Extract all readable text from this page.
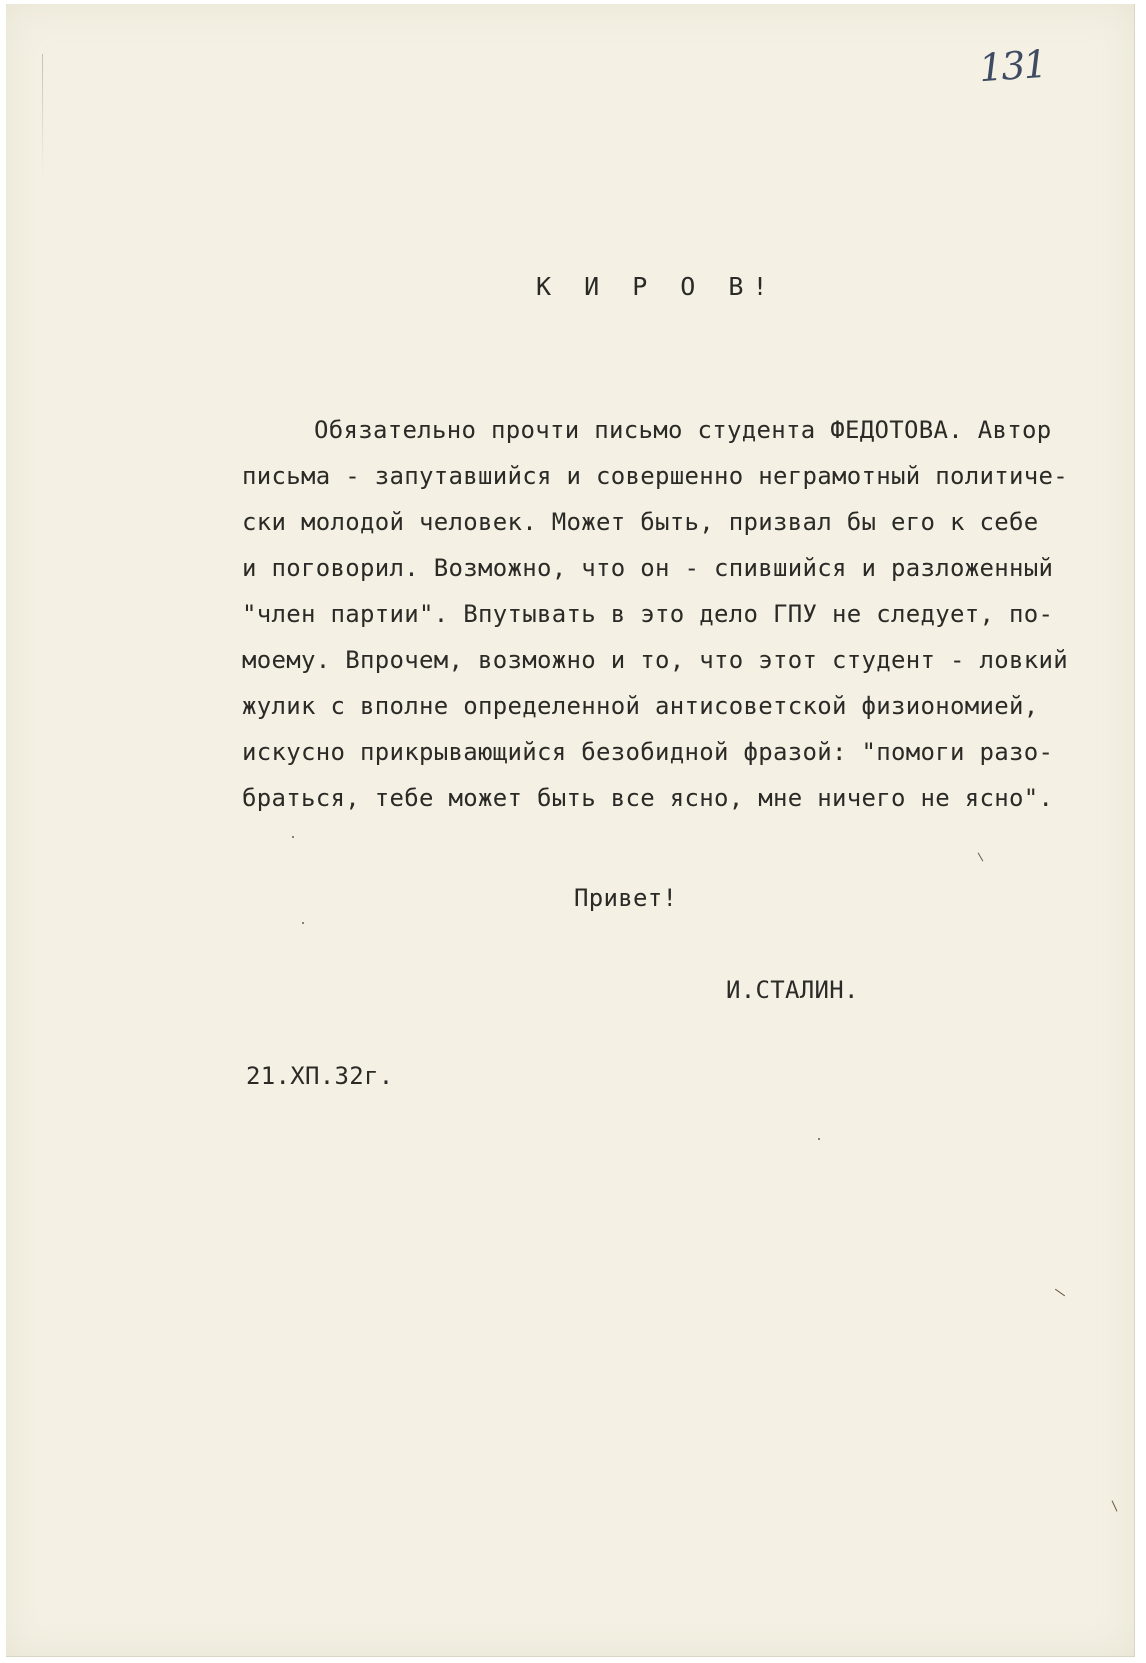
131
К И Р О В!
Обязательно прочти письмо студента ФЕДОТОВА. Автор
письма - запутавшийся и совершенно неграмотный политиче-
ски молодой человек. Может быть, призвал бы его к себе
и поговорил. Возможно, что он - спившийся и разложенный
"член партии". Впутывать в это дело ГПУ не следует, по-
моему. Впрочем, возможно и то, что этот студент - ловкий
жулик с вполне определенной антисоветской физиономией,
искусно прикрывающийся безобидной фразой: "помоги разо-
браться, тебе может быть все ясно, мне ничего не ясно".
Привет!
И.СТАЛИН.
21.ХП.32г.
